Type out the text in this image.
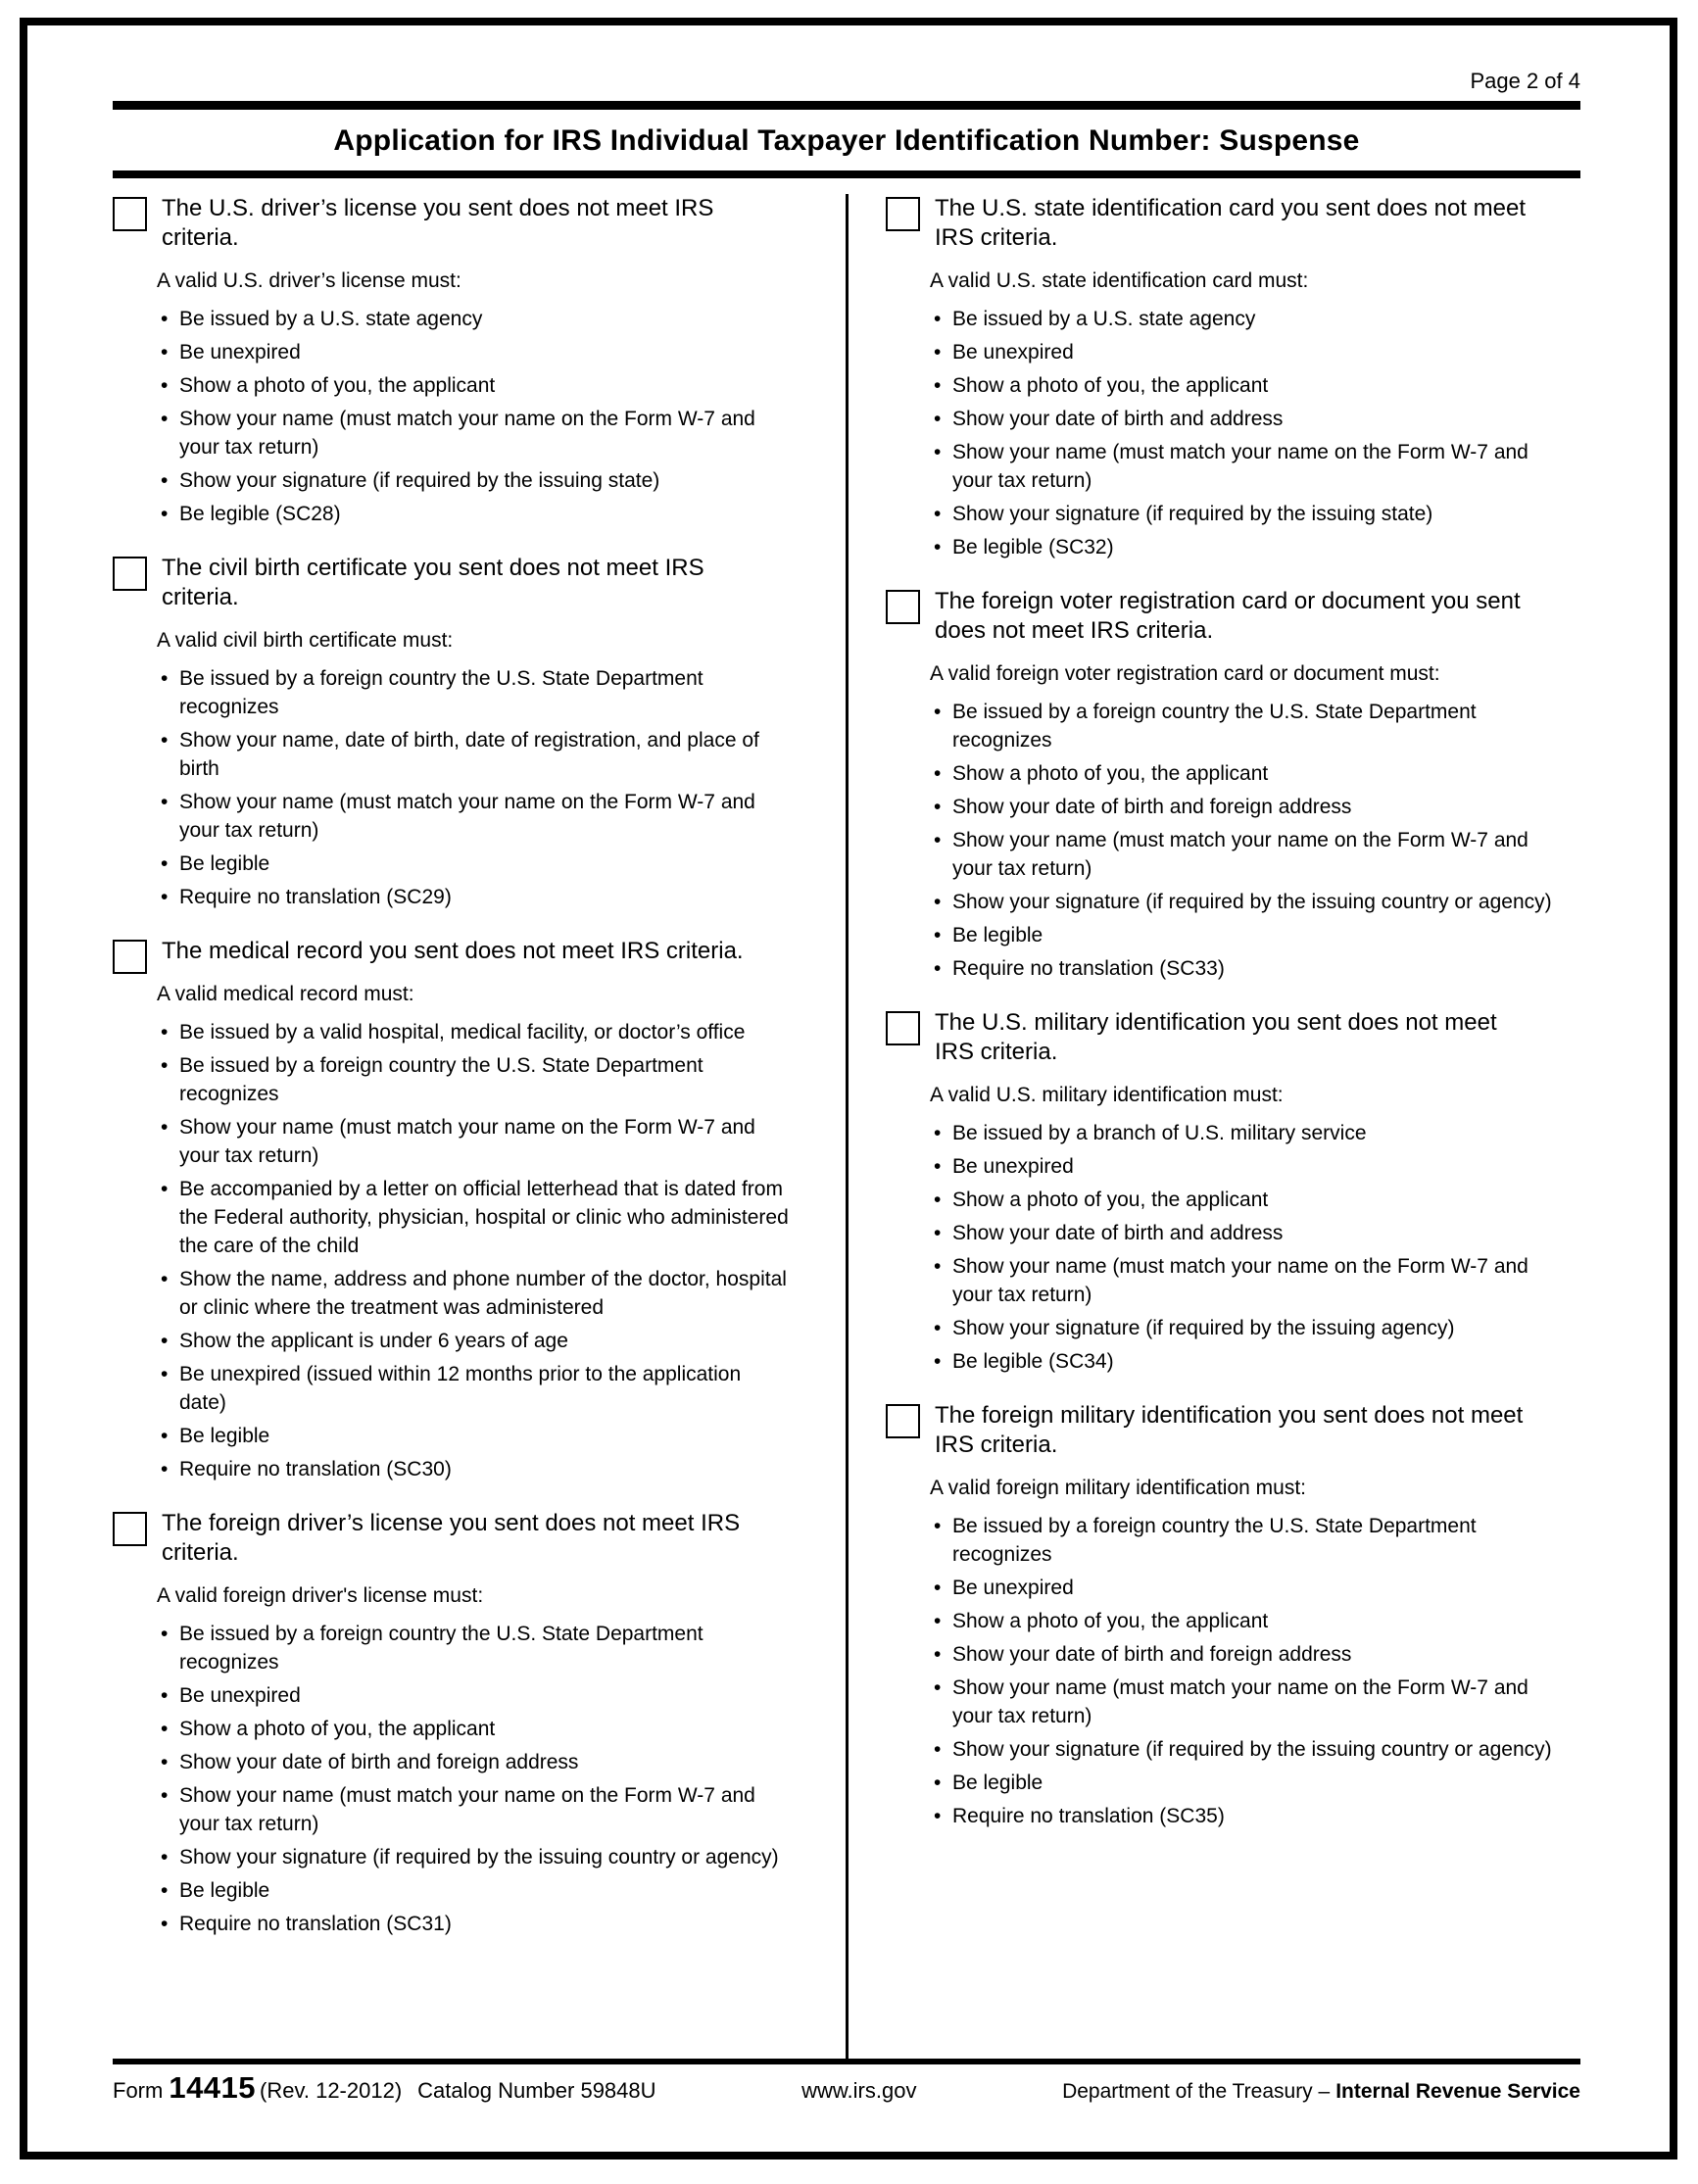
Page 2 of 4
Application for IRS Individual Taxpayer Identification Number: Suspense
The U.S. driver’s license you sent does not meet IRS criteria.

A valid U.S. driver’s license must:

• Be issued by a U.S. state agency
• Be unexpired
• Show a photo of you, the applicant
• Show your name (must match your name on the Form W-7 and your tax return)
• Show your signature (if required by the issuing state)
• Be legible (SC28)
The civil birth certificate you sent does not meet IRS criteria.

A valid civil birth certificate must:

• Be issued by a foreign country the U.S. State Department recognizes
• Show your name, date of birth, date of registration, and place of birth
• Show your name (must match your name on the Form W-7 and your tax return)
• Be legible
• Require no translation (SC29)
The medical record you sent does not meet IRS criteria.

A valid medical record must:

• Be issued by a valid hospital, medical facility, or doctor’s office
• Be issued by a foreign country the U.S. State Department recognizes
• Show your name (must match your name on the Form W-7 and your tax return)
• Be accompanied by a letter on official letterhead that is dated from the Federal authority, physician, hospital or clinic who administered the care of the child
• Show the name, address and phone number of the doctor, hospital or clinic where the treatment was administered
• Show the applicant is under 6 years of age
• Be unexpired (issued within 12 months prior to the application date)
• Be legible
• Require no translation (SC30)
The foreign driver’s license you sent does not meet IRS criteria.

A valid foreign driver's license must:

• Be issued by a foreign country the U.S. State Department recognizes
• Be unexpired
• Show a photo of you, the applicant
• Show your date of birth and foreign address
• Show your name (must match your name on the Form W-7 and your tax return)
• Show your signature (if required by the issuing country or agency)
• Be legible
• Require no translation (SC31)
The U.S. state identification card you sent does not meet IRS criteria.

A valid U.S. state identification card must:

• Be issued by a U.S. state agency
• Be unexpired
• Show a photo of you, the applicant
• Show your date of birth and address
• Show your name (must match your name on the Form W-7 and your tax return)
• Show your signature (if required by the issuing state)
• Be legible (SC32)
The foreign voter registration card or document you sent does not meet IRS criteria.

A valid foreign voter registration card or document must:

• Be issued by a foreign country the U.S. State Department recognizes
• Show a photo of you, the applicant
• Show your date of birth and foreign address
• Show your name (must match your name on the Form W-7 and your tax return)
• Show your signature (if required by the issuing country or agency)
• Be legible
• Require no translation (SC33)
The U.S. military identification you sent does not meet IRS criteria.

A valid U.S. military identification must:

• Be issued by a branch of U.S. military service
• Be unexpired
• Show a photo of you, the applicant
• Show your date of birth and address
• Show your name (must match your name on the Form W-7 and your tax return)
• Show your signature (if required by the issuing agency)
• Be legible (SC34)
The foreign military identification you sent does not meet IRS criteria.

A valid foreign military identification must:

• Be issued by a foreign country the U.S. State Department recognizes
• Be unexpired
• Show a photo of you, the applicant
• Show your date of birth and foreign address
• Show your name (must match your name on the Form W-7 and your tax return)
• Show your signature (if required by the issuing country or agency)
• Be legible
• Require no translation (SC35)
Form 14415 (Rev. 12-2012) Catalog Number 59848U	www.irs.gov	Department of the Treasury – Internal Revenue Service
